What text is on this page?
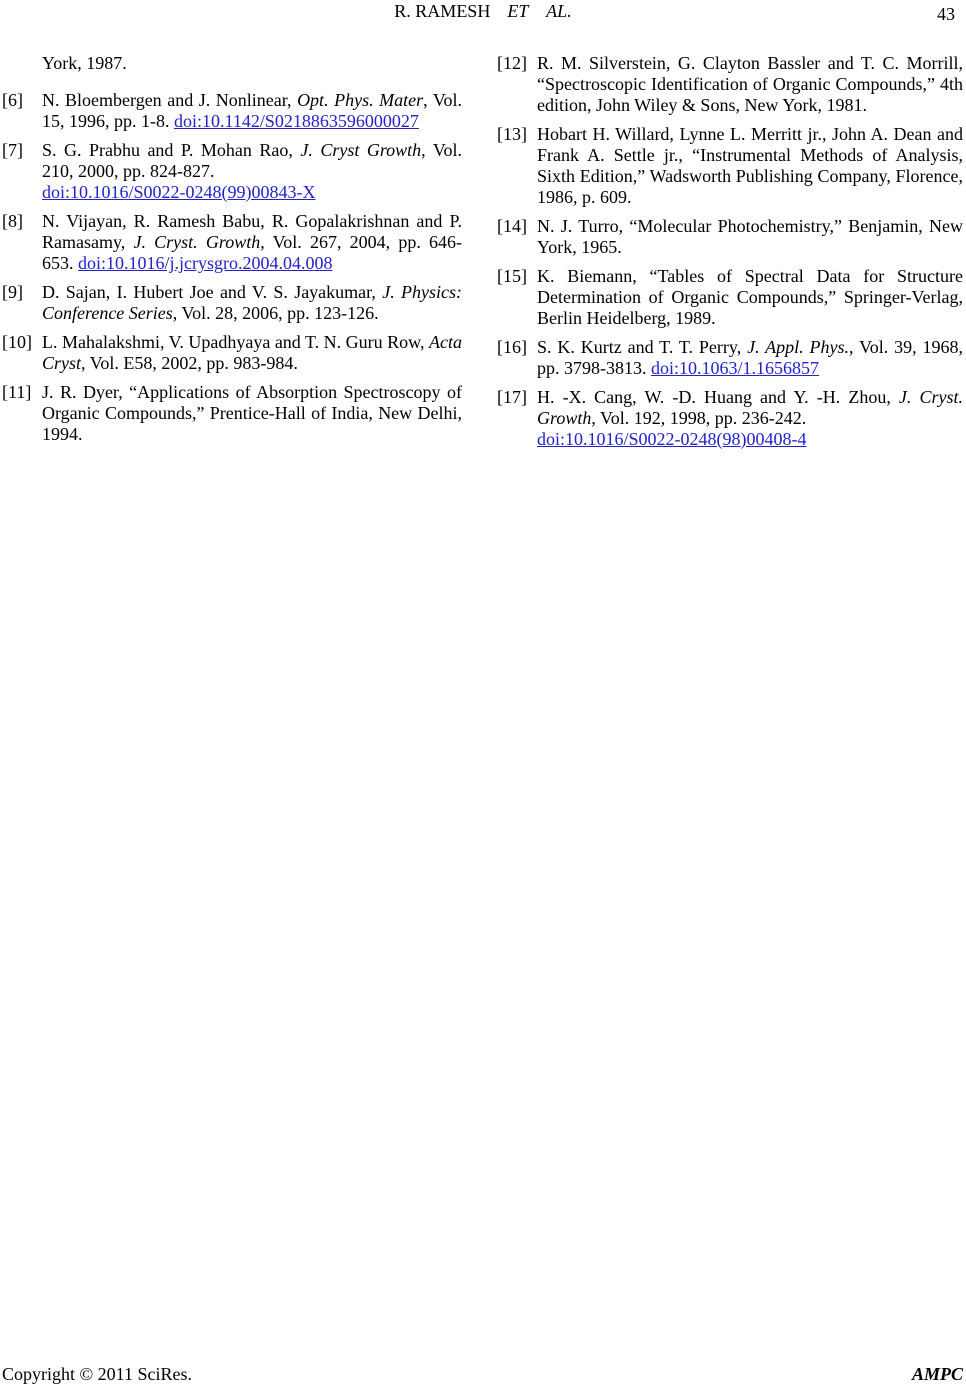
R. RAMESH ET AL.	43
York, 1987.
[6] N. Bloembergen and J. Nonlinear, Opt. Phys. Mater, Vol. 15, 1996, pp. 1-8. doi:10.1142/S0218863596000027
[7] S. G. Prabhu and P. Mohan Rao, J. Cryst Growth, Vol. 210, 2000, pp. 824-827.
doi:10.1016/S0022-0248(99)00843-X
[8] N. Vijayan, R. Ramesh Babu, R. Gopalakrishnan and P. Ramasamy, J. Cryst. Growth, Vol. 267, 2004, pp. 646-653. doi:10.1016/j.jcrysgro.2004.04.008
[9] D. Sajan, I. Hubert Joe and V. S. Jayakumar, J. Physics: Conference Series, Vol. 28, 2006, pp. 123-126.
[10] L. Mahalakshmi, V. Upadhyaya and T. N. Guru Row, Acta Cryst, Vol. E58, 2002, pp. 983-984.
[11] J. R. Dyer, “Applications of Absorption Spectroscopy of Organic Compounds,” Prentice-Hall of India, New Delhi, 1994.
[12] R. M. Silverstein, G. Clayton Bassler and T. C. Morrill, “Spectroscopic Identification of Organic Compounds,” 4th edition, John Wiley & Sons, New York, 1981.
[13] Hobart H. Willard, Lynne L. Merritt jr., John A. Dean and Frank A. Settle jr., “Instrumental Methods of Analysis, Sixth Edition,” Wadsworth Publishing Company, Florence, 1986, p. 609.
[14] N. J. Turro, “Molecular Photochemistry,” Benjamin, New York, 1965.
[15] K. Biemann, “Tables of Spectral Data for Structure Determination of Organic Compounds,” Springer-Verlag, Berlin Heidelberg, 1989.
[16] S. K. Kurtz and T. T. Perry, J. Appl. Phys., Vol. 39, 1968, pp. 3798-3813. doi:10.1063/1.1656857
[17] H. -X. Cang, W. -D. Huang and Y. -H. Zhou, J. Cryst. Growth, Vol. 192, 1998, pp. 236-242.
doi:10.1016/S0022-0248(98)00408-4
Copyright © 2011 SciRes.	AMPC
